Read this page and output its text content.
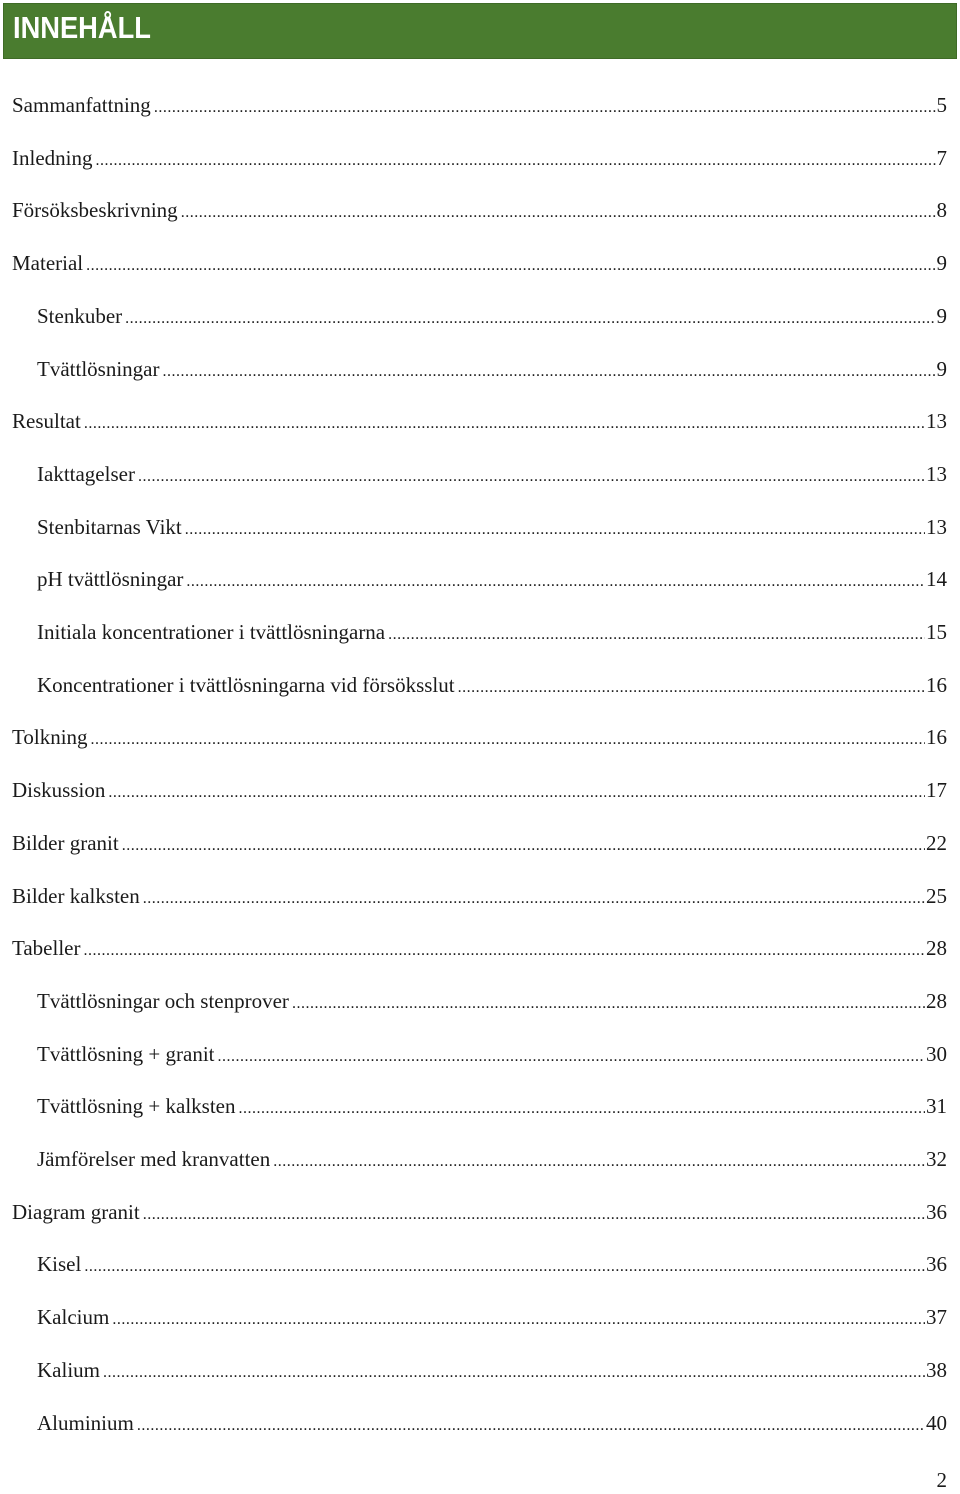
INNEHÅLL
Sammanfattning .....	5
Inledning .....	7
Försöksbeskrivning .....	8
Material .....	9
Stenkuber .....	9
Tvättlösningar .....	9
Resultat .....	13
Iakttagelser .....	13
Stenbitarnas Vikt .....	13
pH tvättlösningar .....	14
Initiala koncentrationer i tvättlösningarna .....	15
Koncentrationer i tvättlösningarna vid försöksslut .....	16
Tolkning .....	16
Diskussion .....	17
Bilder granit .....	22
Bilder kalksten .....	25
Tabeller .....	28
Tvättlösningar och stenprover .....	28
Tvättlösning + granit .....	30
Tvättlösning + kalksten .....	31
Jämförelser med kranvatten .....	32
Diagram granit .....	36
Kisel .....	36
Kalcium .....	37
Kalium .....	38
Aluminium .....	40
2
